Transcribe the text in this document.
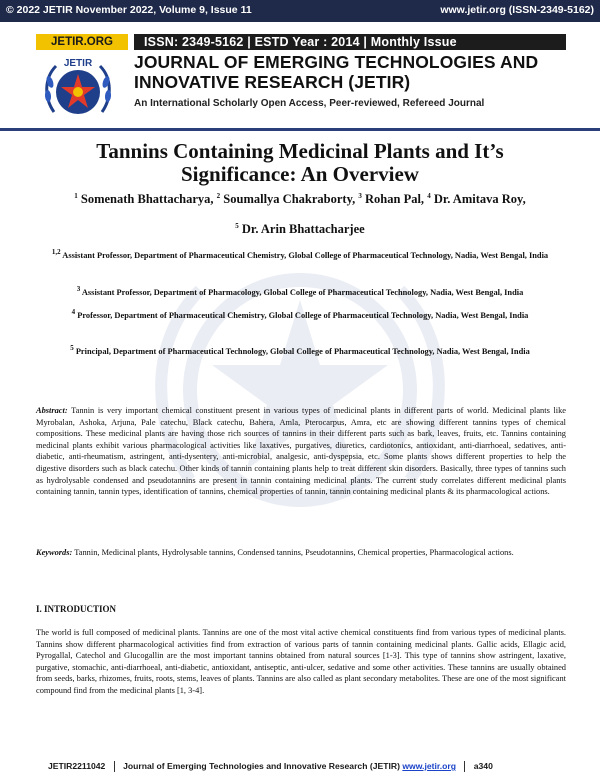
© 2022 JETIR November 2022, Volume 9, Issue 11	www.jetir.org (ISSN-2349-5162)
JETIR.ORG	ISSN: 2349-5162 | ESTD Year : 2014 | Monthly Issue
JETIR JOURNAL OF EMERGING TECHNOLOGIES AND
INNOVATIVE RESEARCH (JETIR)
An International Scholarly Open Access, Peer-reviewed, Refereed Journal
Tannins Containing Medicinal Plants and It’s
Significance: An Overview
$^1$ Somenath Bhattacharya, $^2$ Soumallya Chakraborty, $^3$ Rohan Pal, $^4$ Dr. Amitava Roy,
$^5$ Dr. Arin Bhattacharjee
$^{1,2}$ Assistant Professor, Department of Pharmaceutical Chemistry, Global College of Pharmaceutical Technology, Nadia, West Bengal, India
$^3$ Assistant Professor, Department of Pharmacology, Global College of Pharmaceutical Technology, Nadia, West Bengal, India
$^4$ Professor, Department of Pharmaceutical Chemistry, Global College of Pharmaceutical Technology, Nadia, West Bengal, India
$^5$ Principal, Department of Pharmaceutical Technology, Global College of Pharmaceutical Technology, Nadia, West Bengal, India
Abstract: Tannin is very important chemical constituent present in various types of medicinal plants in different parts of world. Medicinal plants like Myrobalan, Ashoka, Arjuna, Pale catechu, Black catechu, Bahera, Amla, Pterocarpus, Amra, etc are showing different tannins types of chemical compositions. These medicinal plants are having those rich sources of tannins in their different parts such as bark, leaves, fruits, etc. Tannins containing medicinal plants exhibit various pharmacological activities like laxatives, purgatives, diuretics, cardiotonics, antioxidant, anti-diarrhoeal, sedatives, anti-diabetic, anti-rheumatism, astringent, anti-dysentery, anti-microbial, analgesic, anti-dyspepsia, etc. Some plants shows different properties to help the digestive disorders such as black catechu. Other kinds of tannin containing plants help to treat different skin disorders. Basically, three types of tannins such as hydrolysable condensed and pseudotannins are present in tannin containing medicinal plants. The current study correlates different medicinal plants containing tannin, tannin types, identification of tannins, chemical properties of tannin, tannin containing medicinal plants & its pharmacological actions.
Keywords: Tannin, Medicinal plants, Hydrolysable tannins, Condensed tannins, Pseudotannins, Chemical properties, Pharmacological actions.
I. INTRODUCTION
The world is full composed of medicinal plants. Tannins are one of the most vital active chemical constituents find from various types of medicinal plants. Tannins show different pharmacological activities find from extraction of various parts of tannin containing medicinal plants. Gallic acids, Ellagic acid, Pyrogallal, Catechol and Glucogallin are the most important tannins obtained from natural sources [1-3]. This type of tannins show astringent, laxative, purgative, stomachic, anti-diarrhoeal, anti-diabetic, antioxidant, antiseptic, anti-ulcer, sedative and some other activities. These tannins are usually obtained from seeds, barks, rhizomes, fruits, roots, stems, leaves of plants. Tannins are also called as plant secondary metabolites. These are one of the most significant compound find from the medicinal plants [1, 3-4].
JETIR2211042 Journal of Emerging Technologies and Innovative Research (JETIR) www.jetir.org a340
